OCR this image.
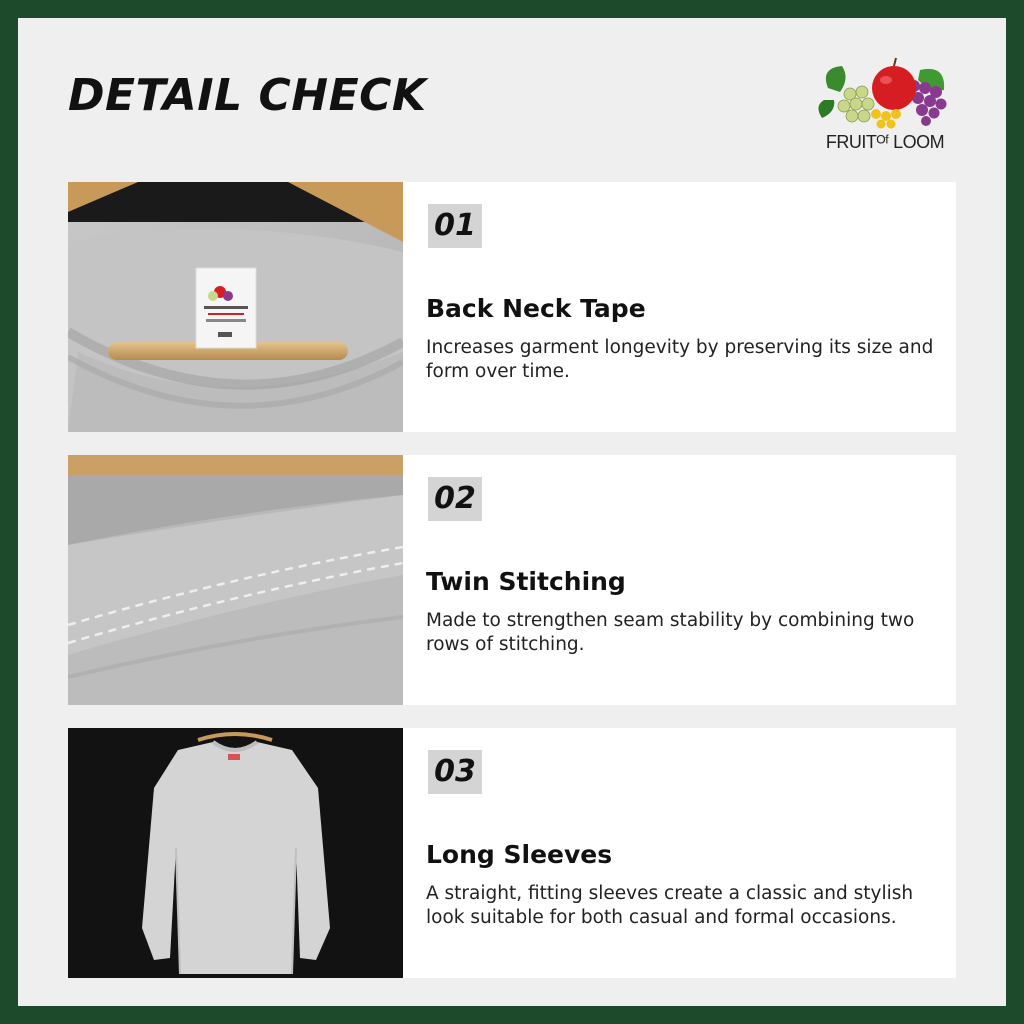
DETAIL CHECK
FRUITᴼᶠ LOOM
01
Back Neck Tape
Increases garment longevity by preserving its size and form over time.
02
Twin Stitching
Made to strengthen seam stability by combining two rows of stitching.
03
Long Sleeves
A straight, fitting sleeves create a classic and stylish look suitable for both casual and formal occasions.
